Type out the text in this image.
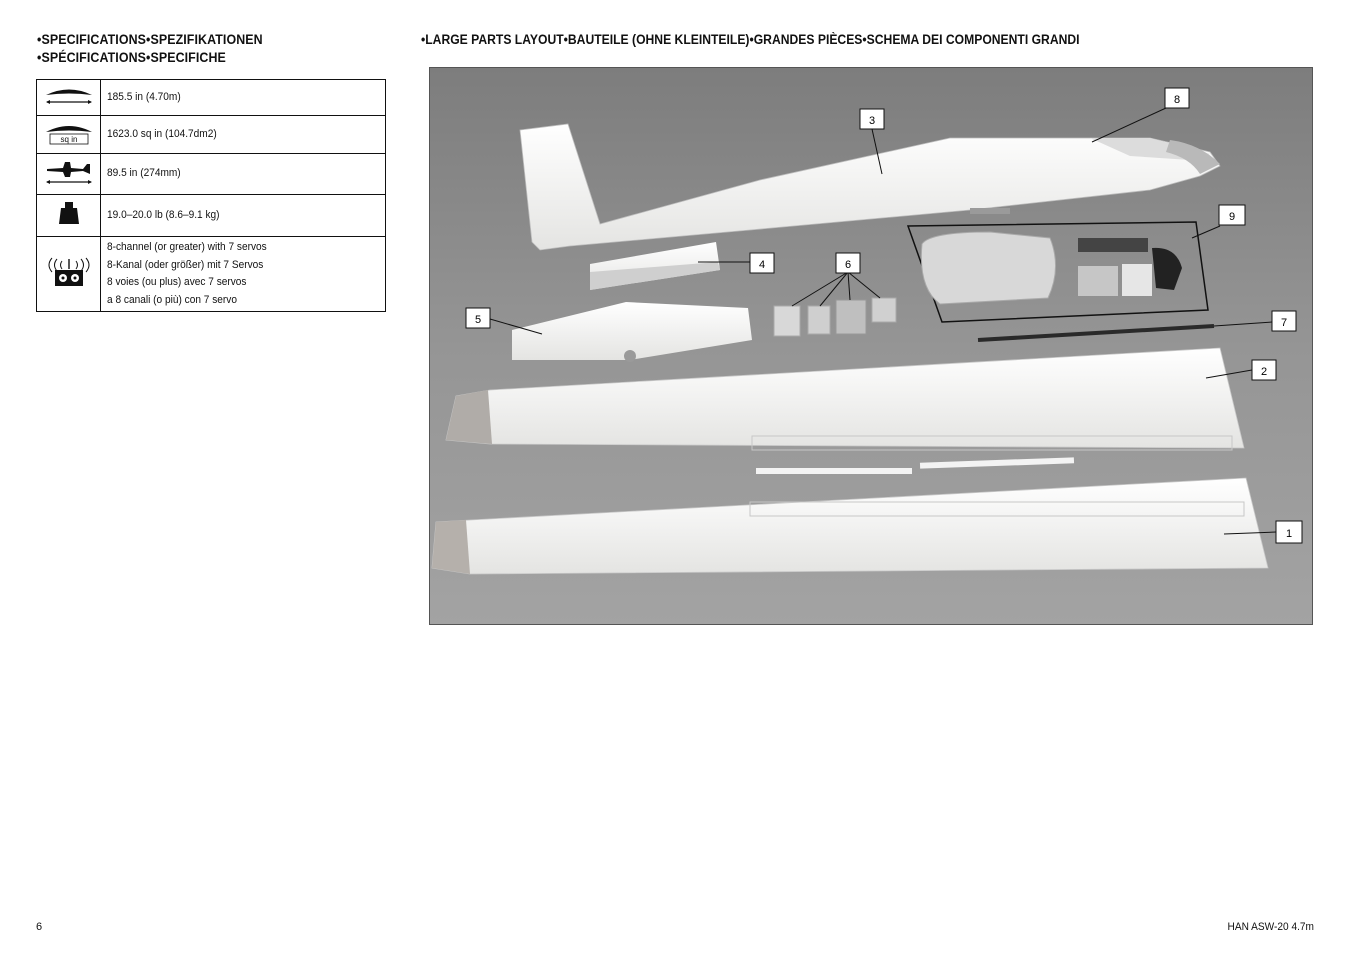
•SPECIFICATIONS•SPEZIFIKATIONEN
•SPÉCIFICATIONS•SPECIFICHE
•LARGE PARTS LAYOUT•BAUTEILE (OHNE KLEINTEILE)•GRANDES PIÈCES•SCHEMA DEI COMPONENTI GRANDI

185.5 in (4.70m)

sq in	1623.0 sq in (104.7dm2)

89.5 in (274mm)

19.0–20.0 lb (8.6–9.1 kg)

8-channel (or greater) with 7 servos
8-Kanal (oder größer) mit 7 Servos
8 voies (ou plus) avec 7 servos
a 8 canali (o più) con 7 servo
3
8
9
4	6
5	7
2
1
6	HAN ASW-20 4.7m
